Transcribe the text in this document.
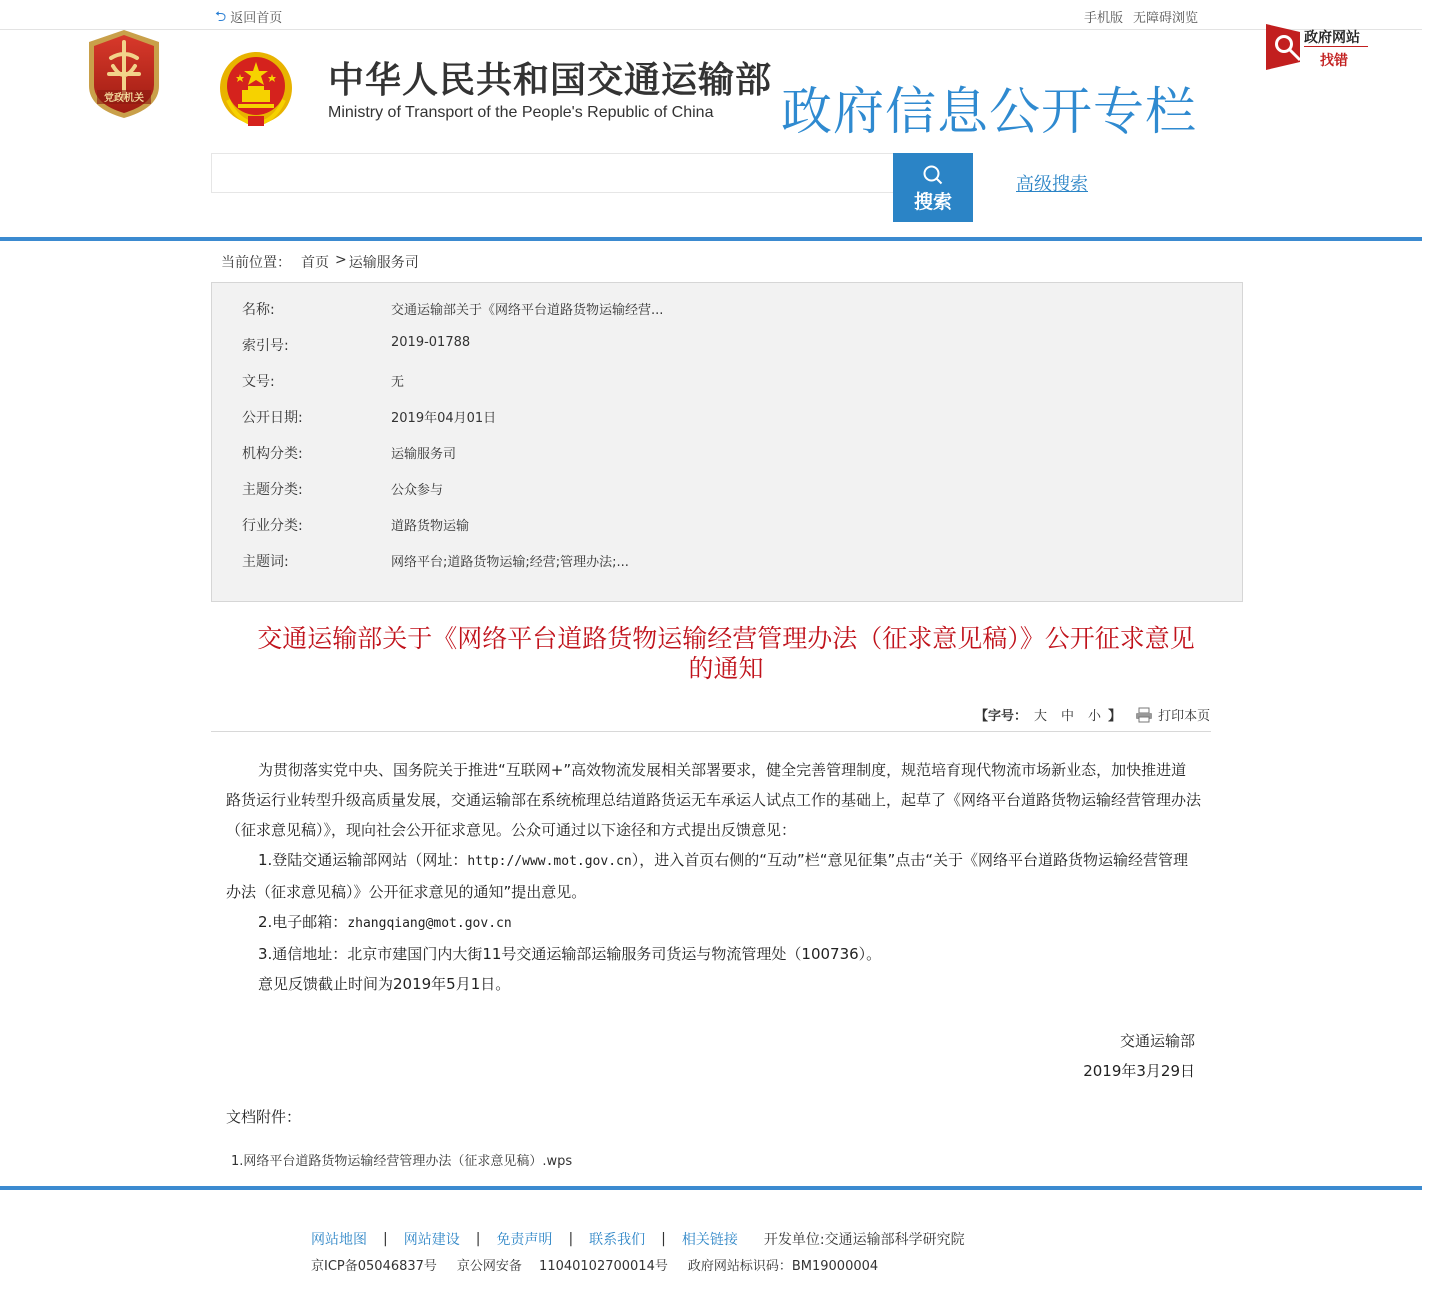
⮌ 返回首页	手机版 无障碍浏览
党政机关	中华人民共和国交通运输部
Ministry of Transport of the People's Republic of China 政府信息公开专栏
政府网站
找错
搜索
高级搜索
当前位置： 首页 > 运输服务司
名称:	交通运输部关于《网络平台道路货物运输经营...
索引号:	2019-01788
文号:	无
公开日期:	2019年04月01日
机构分类:	运输服务司
主题分类:	公众参与
行业分类:	道路货物运输
主题词:	网络平台;道路货物运输;经营;管理办法;...
交通运输部关于《网络平台道路货物运输经营管理办法（征求意见稿）》公开征求意见
的通知
【字号： 大 中 小 】	打印本页

为贯彻落实党中央、国务院关于推进“互联网+”高效物流发展相关部署要求，健全完善管理制度，规范培育现代物流市场新业态，加快推进道路货运行业转型升级高质量发展，交通运输部在系统梳理总结道路货运无车承运人试点工作的基础上，起草了《网络平台道路货物运输经营管理办法（征求意见稿）》，现向社会公开征求意见。公众可通过以下途径和方式提出反馈意见：

1.登陆交通运输部网站（网址：http://www.mot.gov.cn），进入首页右侧的“互动”栏“意见征集”点击“关于《网络平台道路货物运输经营管理办法（征求意见稿）》公开征求意见的通知”提出意见。

2.电子邮箱：zhangqiang@mot.gov.cn

3.通信地址：北京市建国门内大街11号交通运输部运输服务司货运与物流管理处（100736）。

意见反馈截止时间为2019年5月1日。

交通运输部
2019年3月29日
文档附件：
1.网络平台道路货物运输经营管理办法（征求意见稿）.wps
网站地图 | 网站建设 | 免责声明 | 联系我们 | 相关链接 开发单位:交通运输部科学研究院
京ICP备05046837号 京公网安备　 11040102700014号 政府网站标识码：BM19000004
